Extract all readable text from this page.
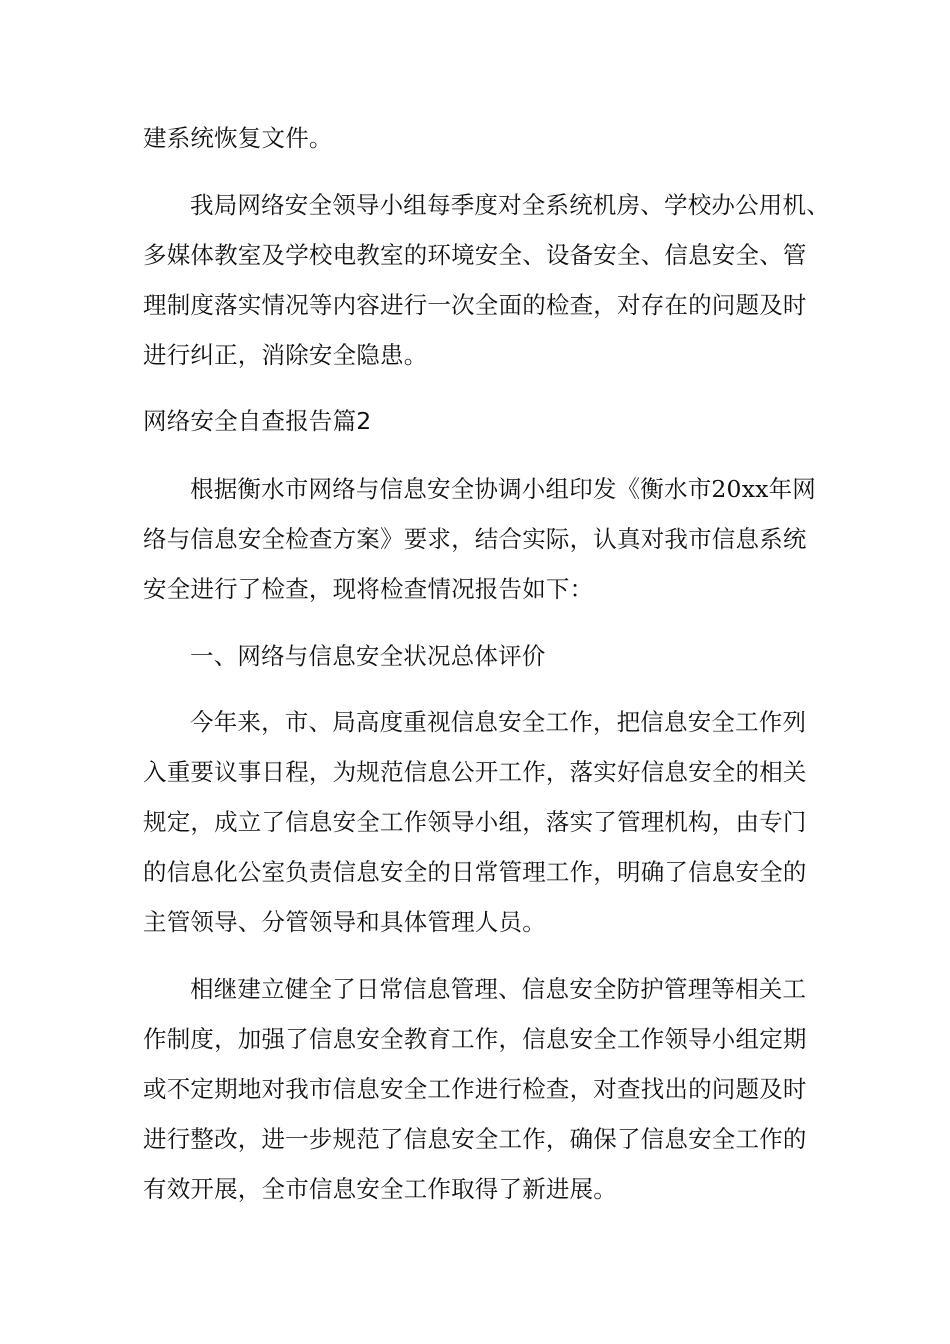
建系统恢复文件。
我局网络安全领导小组每季度对全系统机房、学校办公用机、
多媒体教室及学校电教室的环境安全、设备安全、信息安全、管
理制度落实情况等内容进行一次全面的检查，对存在的问题及时
进行纠正，消除安全隐患。
网络安全自查报告篇2
根据衡水市网络与信息安全协调小组印发《衡水市20xx年网
络与信息安全检查方案》要求，结合实际，认真对我市信息系统
安全进行了检查，现将检查情况报告如下：
一、网络与信息安全状况总体评价
今年来，市、局高度重视信息安全工作，把信息安全工作列
入重要议事日程，为规范信息公开工作，落实好信息安全的相关
规定，成立了信息安全工作领导小组，落实了管理机构，由专门
的信息化公室负责信息安全的日常管理工作，明确了信息安全的
主管领导、分管领导和具体管理人员。
相继建立健全了日常信息管理、信息安全防护管理等相关工
作制度，加强了信息安全教育工作，信息安全工作领导小组定期
或不定期地对我市信息安全工作进行检查，对查找出的问题及时
进行整改，进一步规范了信息安全工作，确保了信息安全工作的
有效开展，全市信息安全工作取得了新进展。
